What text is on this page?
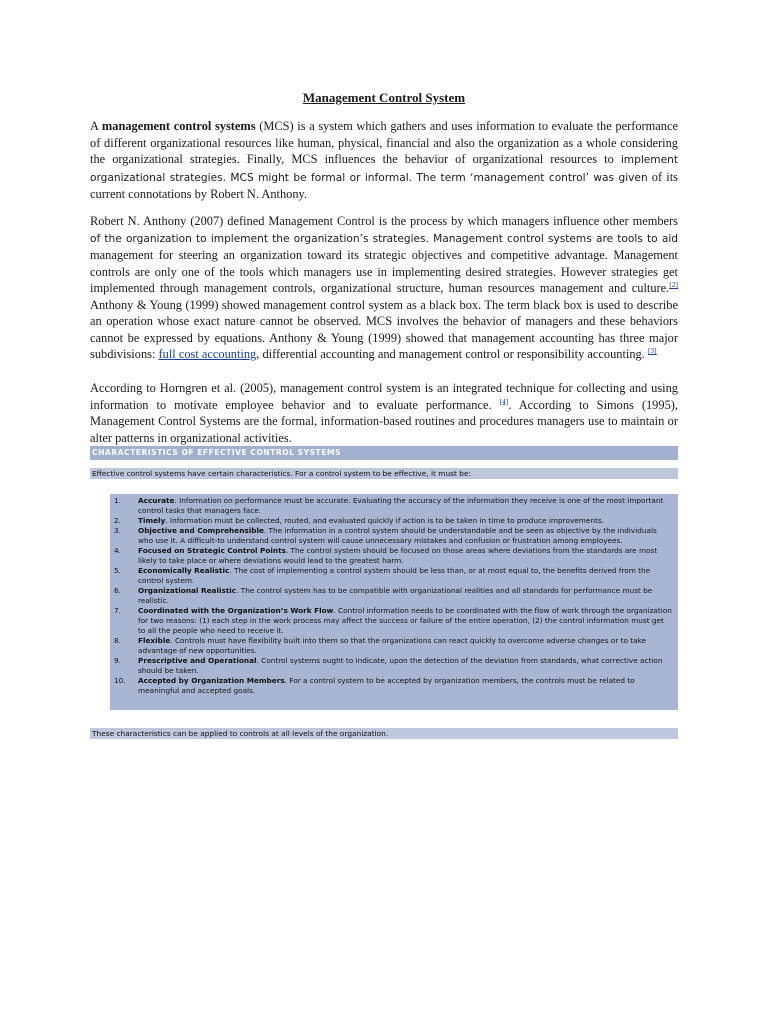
Management Control System
A management control systems (MCS) is a system which gathers and uses information to evaluate the performance of different organizational resources like human, physical, financial and also the organization as a whole considering the organizational strategies. Finally, MCS influences the behavior of organizational resources to implement organizational strategies. MCS might be formal or informal. The term ‘management control’ was given of its current connotations by Robert N. Anthony.
Robert N. Anthony (2007) defined Management Control is the process by which managers influence other members of the organization to implement the organization’s strategies. Management control systems are tools to aid management for steering an organization toward its strategic objectives and competitive advantage. Management controls are only one of the tools which managers use in implementing desired strategies. However strategies get implemented through management controls, organizational structure, human resources management and culture.[2] Anthony & Young (1999) showed management control system as a black box. The term black box is used to describe an operation whose exact nature cannot be observed. MCS involves the behavior of managers and these behaviors cannot be expressed by equations. Anthony & Young (1999) showed that management accounting has three major subdivisions: full cost accounting, differential accounting and management control or responsibility accounting. [3]
According to Horngren et al. (2005), management control system is an integrated technique for collecting and using information to motivate employee behavior and to evaluate performance. [4]. According to Simons (1995), Management Control Systems are the formal, information-based routines and procedures managers use to maintain or alter patterns in organizational activities.
CHARACTERISTICS OF EFFECTIVE CONTROL SYSTEMS
Effective control systems have certain characteristics. For a control system to be effective, it must be:
1.	Accurate. Information on performance must be accurate. Evaluating the accuracy of the information they receive is one of the most important control tasks that managers face.
2.	Timely. Information must be collected, routed, and evaluated quickly if action is to be taken in time to produce improvements.
3.	Objective and Comprehensible. The information in a control system should be understandable and be seen as objective by the individuals who use it. A difficult-to understand control system will cause unnecessary mistakes and confusion or frustration among employees.
4.	Focused on Strategic Control Points. The control system should be focused on those areas where deviations from the standards are most likely to take place or where deviations would lead to the greatest harm.
5.	Economically Realistic. The cost of implementing a control system should be less than, or at most equal to, the benefits derived from the control system.
6.	Organizational Realistic. The control system has to be compatible with organizational realities and all standards for performance must be realistic.
7.	Coordinated with the Organization’s Work Flow. Control information needs to be coordinated with the flow of work through the organization for two reasons: (1) each step in the work process may affect the success or failure of the entire operation, (2) the control information must get to all the people who need to receive it.
8.	Flexible. Controls must have flexibility built into them so that the organizations can react quickly to overcome adverse changes or to take advantage of new opportunities.
9.	Prescriptive and Operational. Control systems ought to indicate, upon the detection of the deviation from standards, what corrective action should be taken.
10.	Accepted by Organization Members. For a control system to be accepted by organization members, the controls must be related to meaningful and accepted goals.
These characteristics can be applied to controls at all levels of the organization.
